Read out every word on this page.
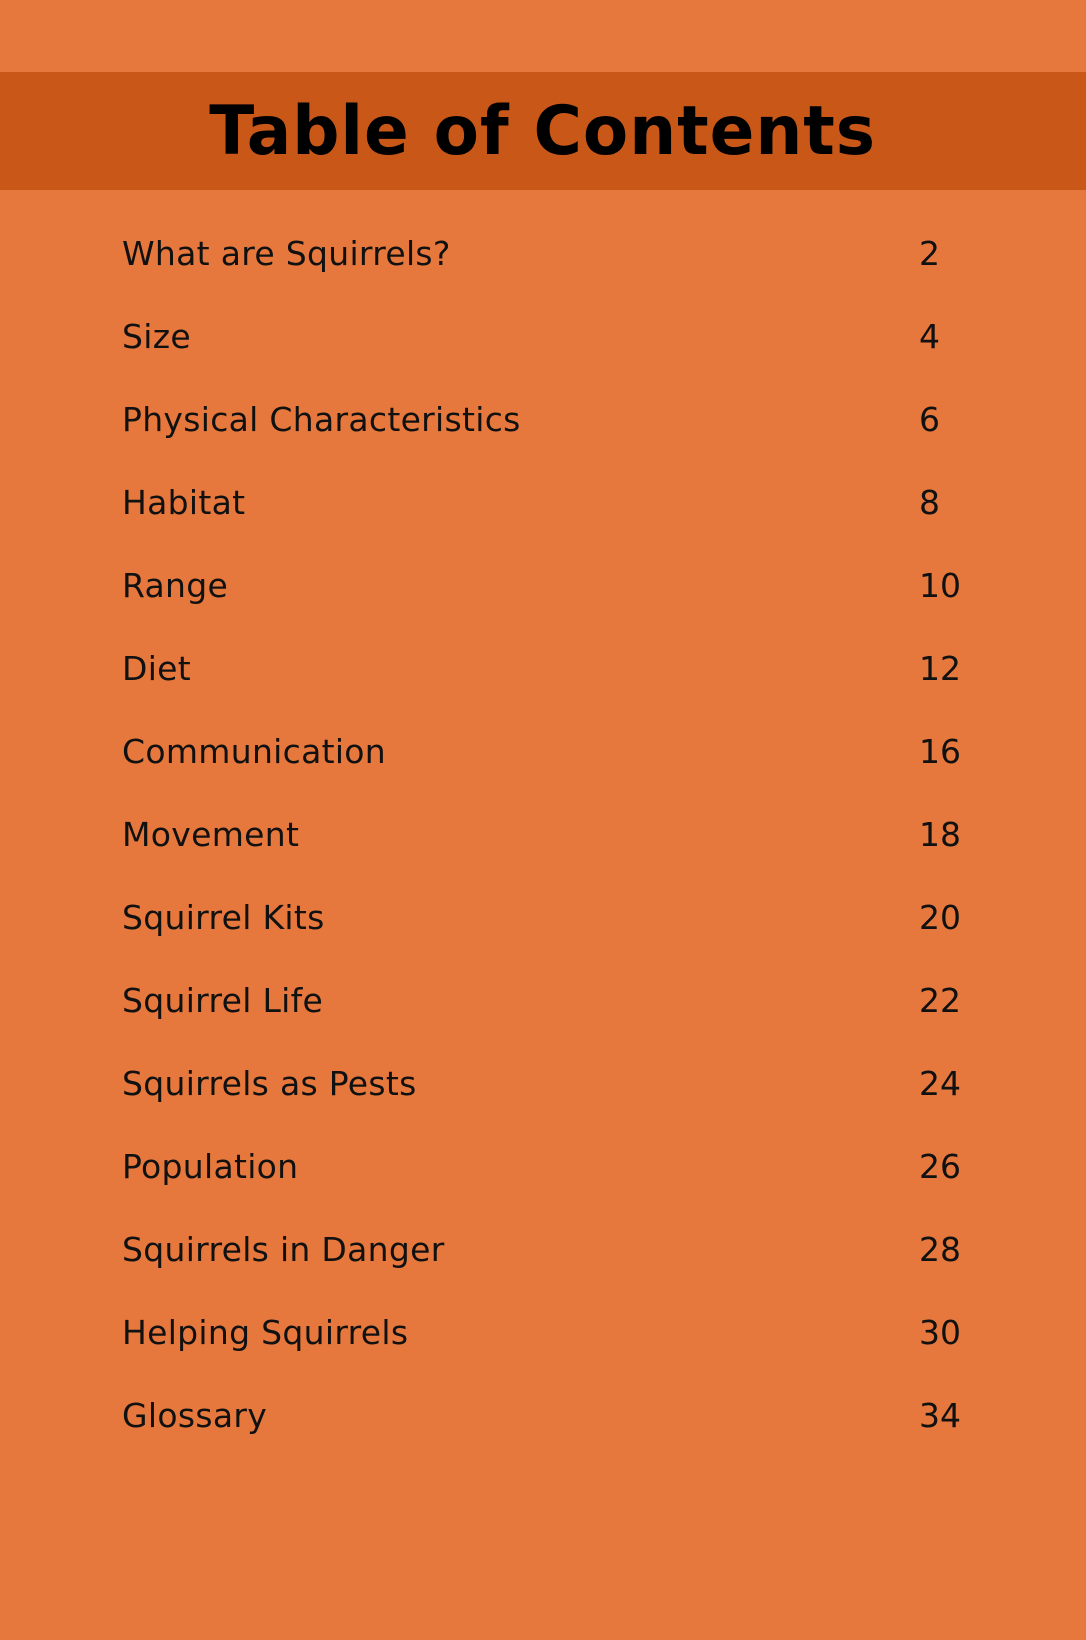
Table of Contents
What are Squirrels?	2
Size	4
Physical Characteristics	6
Habitat	8
Range	10
Diet	12
Communication	16
Movement	18
Squirrel Kits	20
Squirrel Life	22
Squirrels as Pests	24
Population	26
Squirrels in Danger	28
Helping Squirrels	30
Glossary	34
